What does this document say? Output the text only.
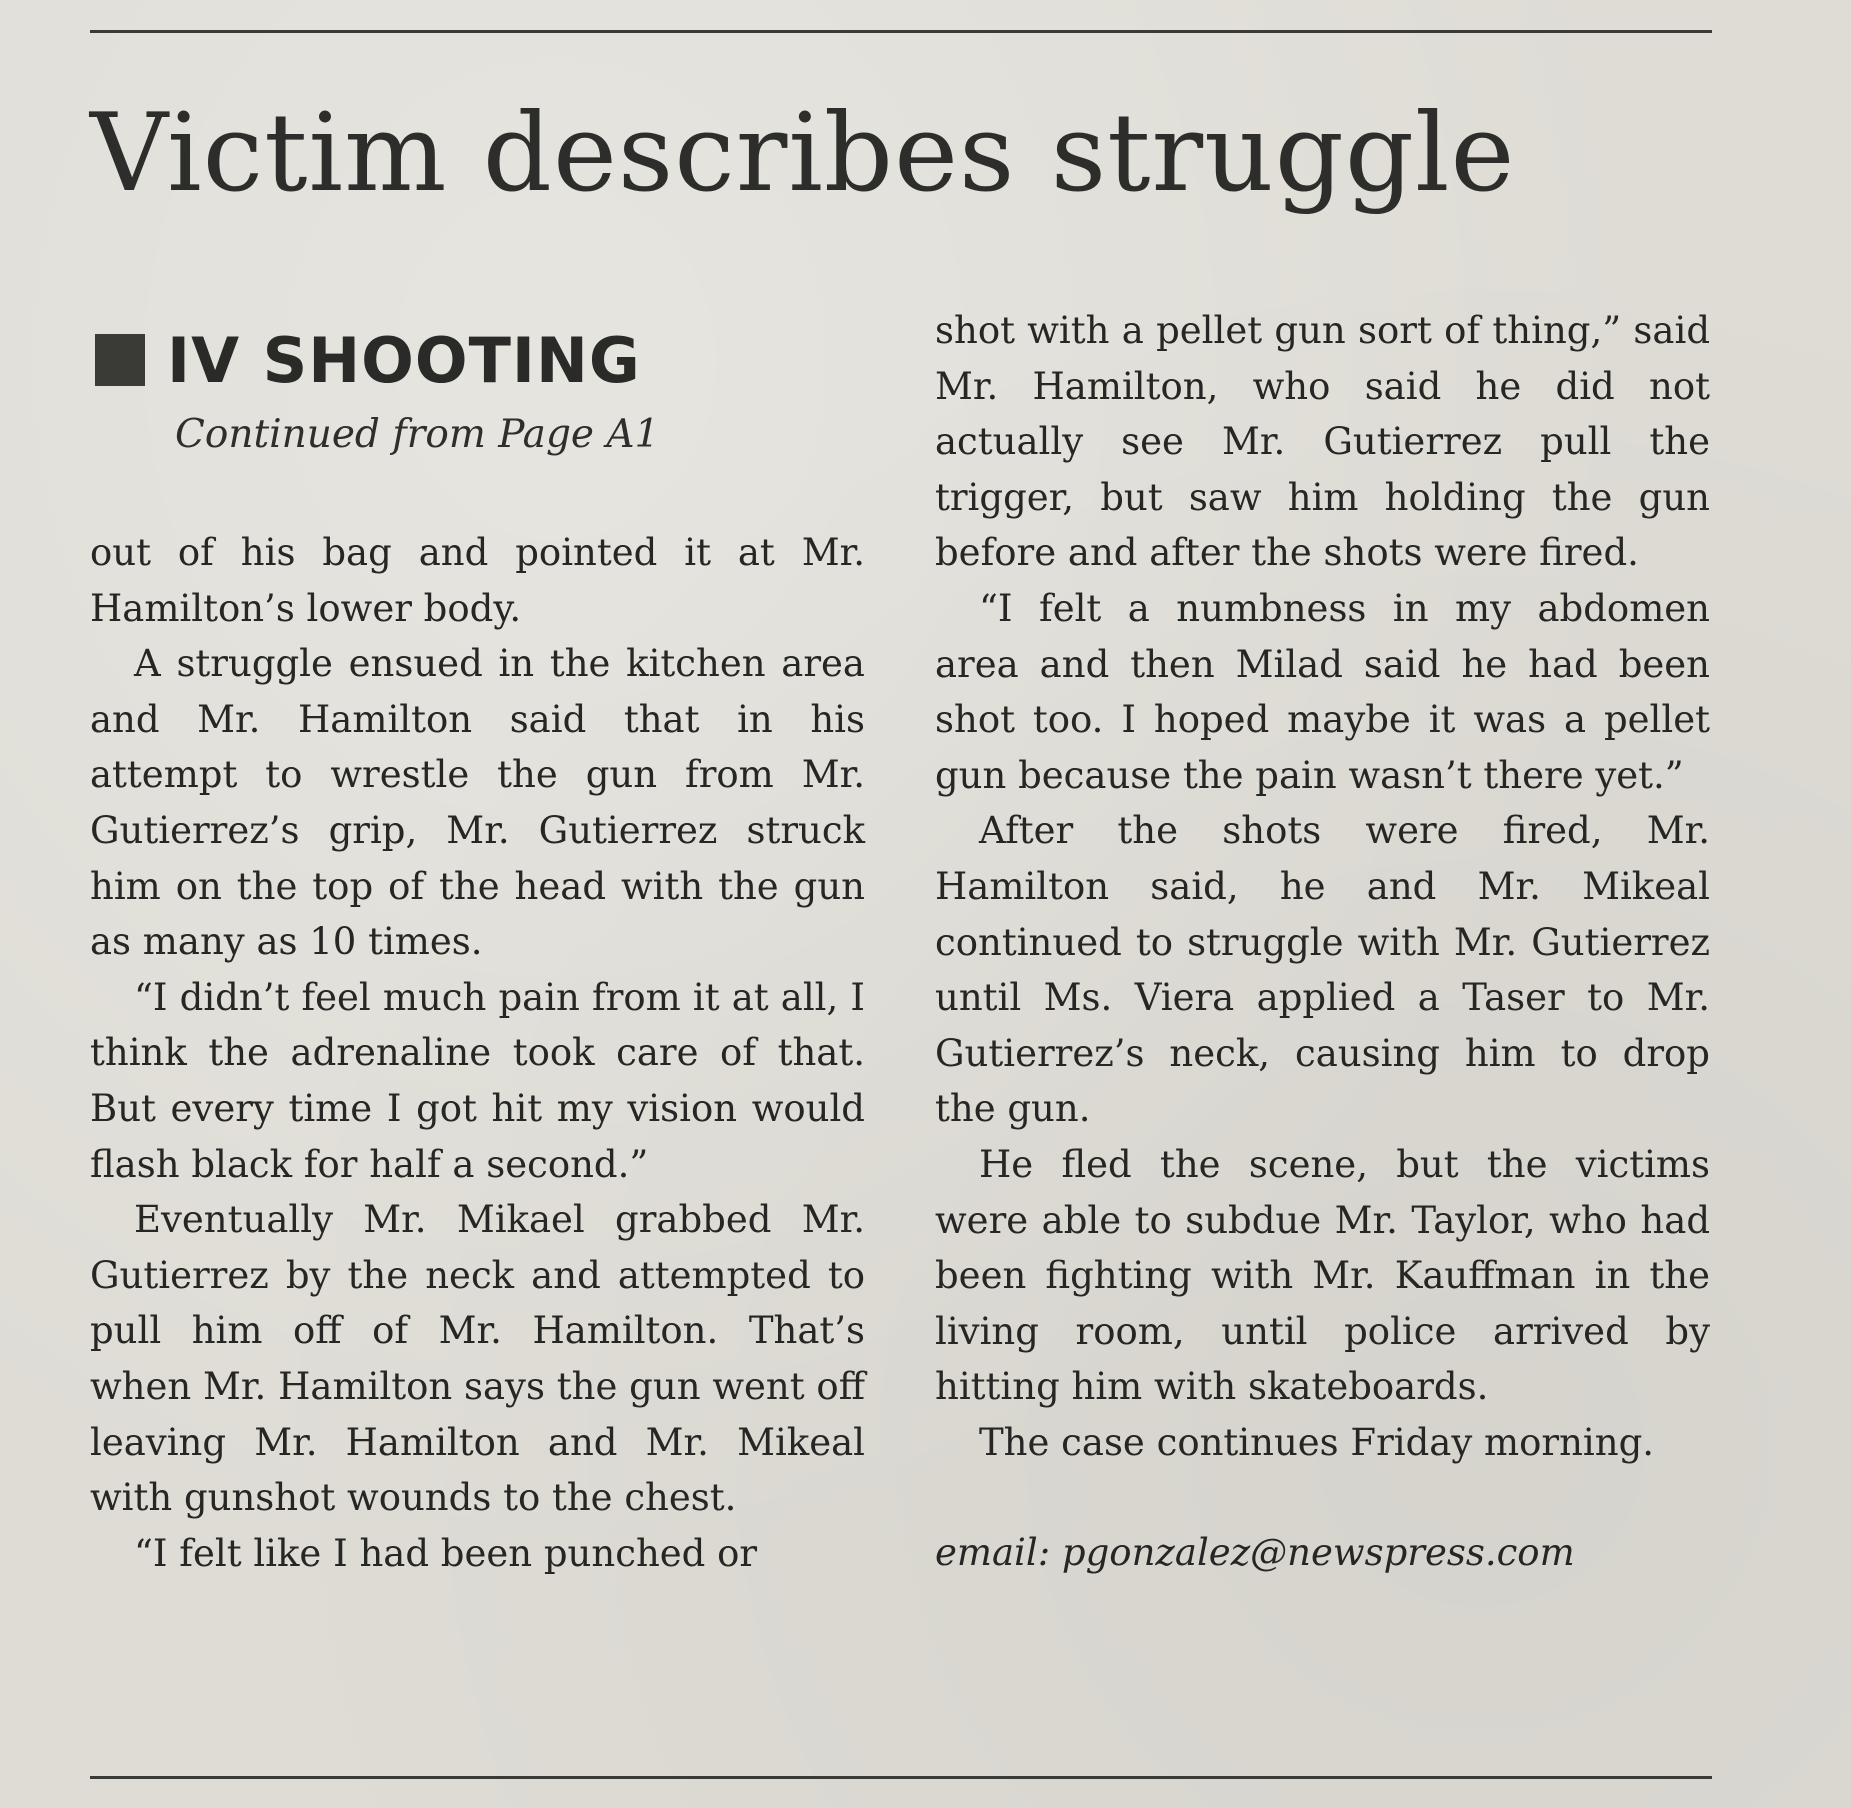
Victim describes struggle
IV SHOOTING
Continued from Page A1

out of his bag and pointed it at Mr. Hamilton’s lower body.

A struggle ensued in the kitchen area and Mr. Hamilton said that in his attempt to wrestle the gun from Mr. Gutierrez’s grip, Mr. Gutierrez struck him on the top of the head with the gun as many as 10 times.

“I didn’t feel much pain from it at all, I think the adrenaline took care of that. But every time I got hit my vision would flash black for half a second.”

Eventually Mr. Mikael grabbed Mr. Gutierrez by the neck and attempted to pull him off of Mr. Hamilton. That’s when Mr. Hamilton says the gun went off leaving Mr. Hamilton and Mr. Mikeal with gunshot wounds to the chest.

“I felt like I had been punched or

shot with a pellet gun sort of thing,” said Mr. Hamilton, who said he did not actually see Mr. Gutierrez pull the trigger, but saw him holding the gun before and after the shots were fired.

“I felt a numbness in my abdomen area and then Milad said he had been shot too. I hoped maybe it was a pellet gun because the pain wasn’t there yet.”

After the shots were fired, Mr. Hamilton said, he and Mr. Mikeal continued to struggle with Mr. Gutierrez until Ms. Viera applied a Taser to Mr. Gutierrez’s neck, causing him to drop the gun.

He fled the scene, but the victims were able to subdue Mr. Taylor, who had been fighting with Mr. Kauffman in the living room, until police arrived by hitting him with skateboards.

The case continues Friday morning.

email: pgonzalez@newspress.com
